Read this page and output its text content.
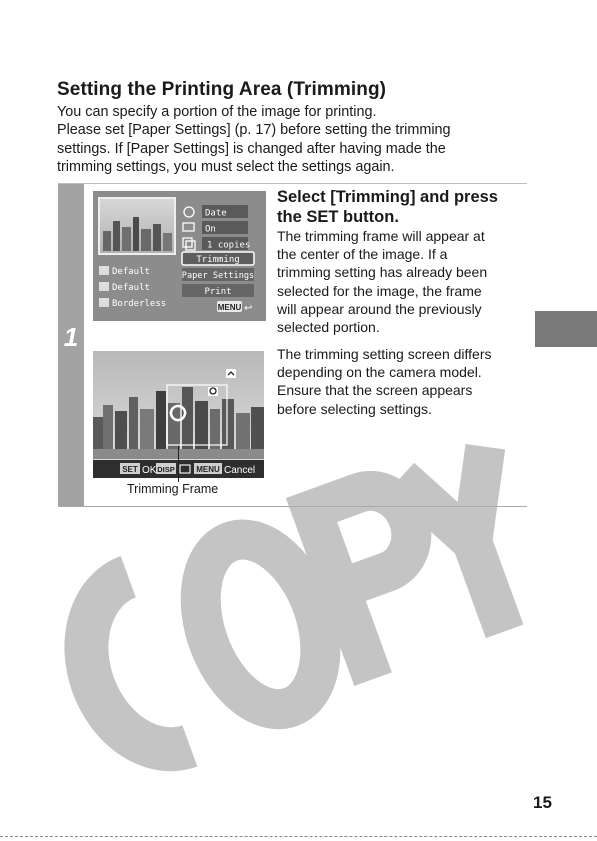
Setting the Printing Area (Trimming)

You can specify a portion of the image for printing.

Please set [Paper Settings] (p. 17) before setting the trimming

settings. If [Paper Settings] is changed after having made the

trimming settings, you must select the settings again.

1
Date
On
1 copies
Default
Default
Borderless
Trimming
Paper Settings
Print
MENU ↩
SET OK DISP	MENU Cancel
Trimming Frame
Select [Trimming] and press
the SET button.
The trimming frame will appear at
the center of the image. If a
trimming setting has already been
selected for the image, the frame
will appear around the previously
selected portion.
The trimming setting screen differs
depending on the camera model.
Ensure that the screen appears
before selecting settings.
15
